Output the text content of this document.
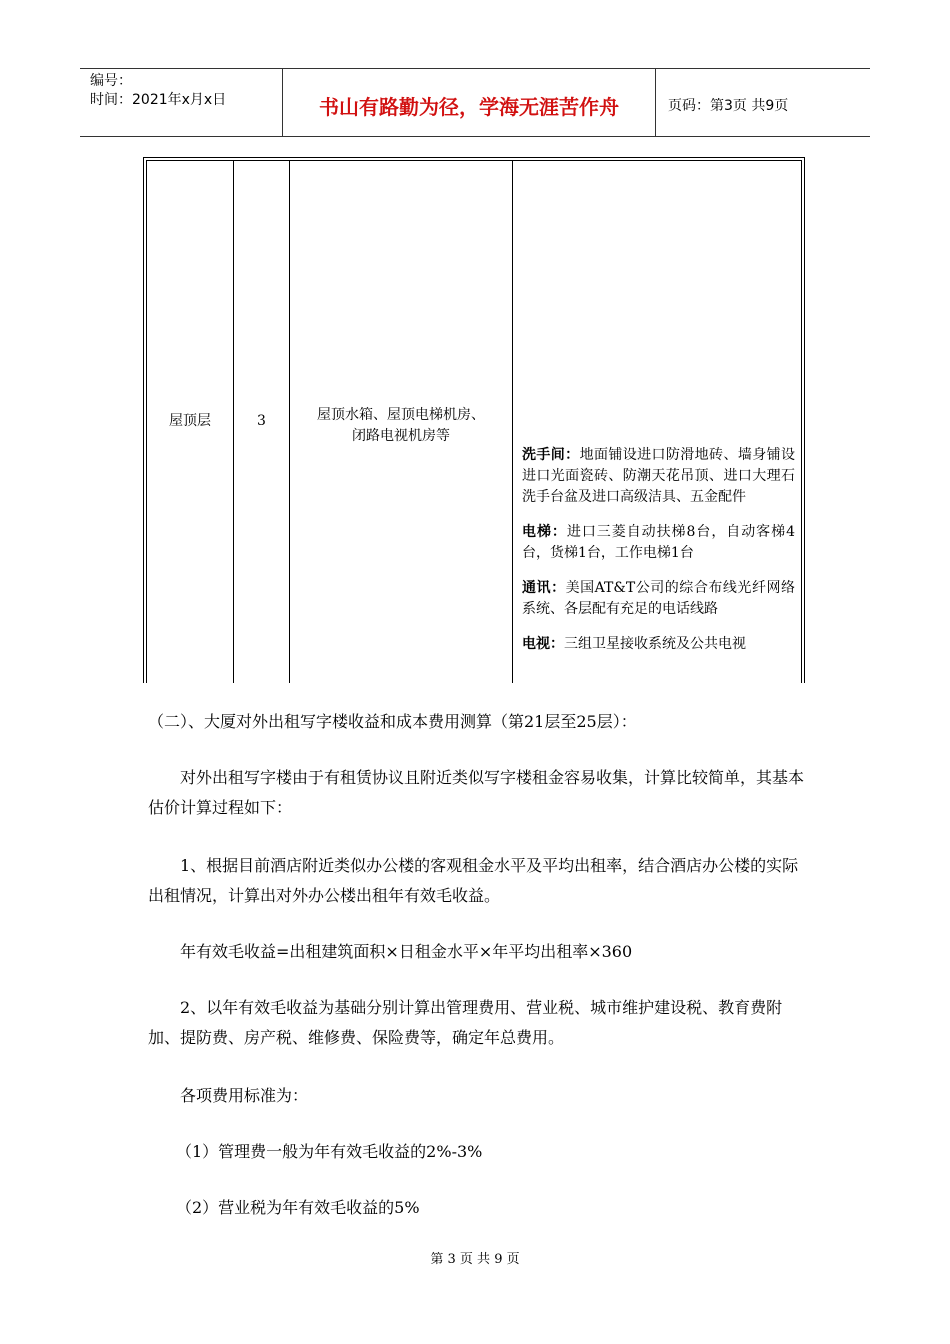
编号：
时间：2021年x月x日	书山有路勤为径，学海无涯苦作舟	页码：第3页 共9页
屋顶层	3	屋顶水箱、屋顶电梯机房、
闭路电视机房等

洗手间：地面铺设进口防滑地砖、墙身铺设进口光面瓷砖、防潮天花吊顶、进口大理石洗手台盆及进口高级洁具、五金配件

电梯：进口三菱自动扶梯8台，自动客梯4台，货梯1台，工作电梯1台

通讯：美国AT&T公司的综合布线光纤网络系统、各层配有充足的电话线路

电视：三组卫星接收系统及公共电视

（二）、大厦对外出租写字楼收益和成本费用测算（第21层至25层）：

对外出租写字楼由于有租赁协议且附近类似写字楼租金容易收集，计算比较简单，其基本估价计算过程如下：

1、根据目前酒店附近类似办公楼的客观租金水平及平均出租率，结合酒店办公楼的实际出租情况，计算出对外办公楼出租年有效毛收益。

年有效毛收益=出租建筑面积×日租金水平×年平均出租率×360

2、以年有效毛收益为基础分别计算出管理费用、营业税、城市维护建设税、教育费附加、提防费、房产税、维修费、保险费等，确定年总费用。

各项费用标准为：

（1）管理费一般为年有效毛收益的2%-3%

（2）营业税为年有效毛收益的5%

第 3 页 共 9 页
